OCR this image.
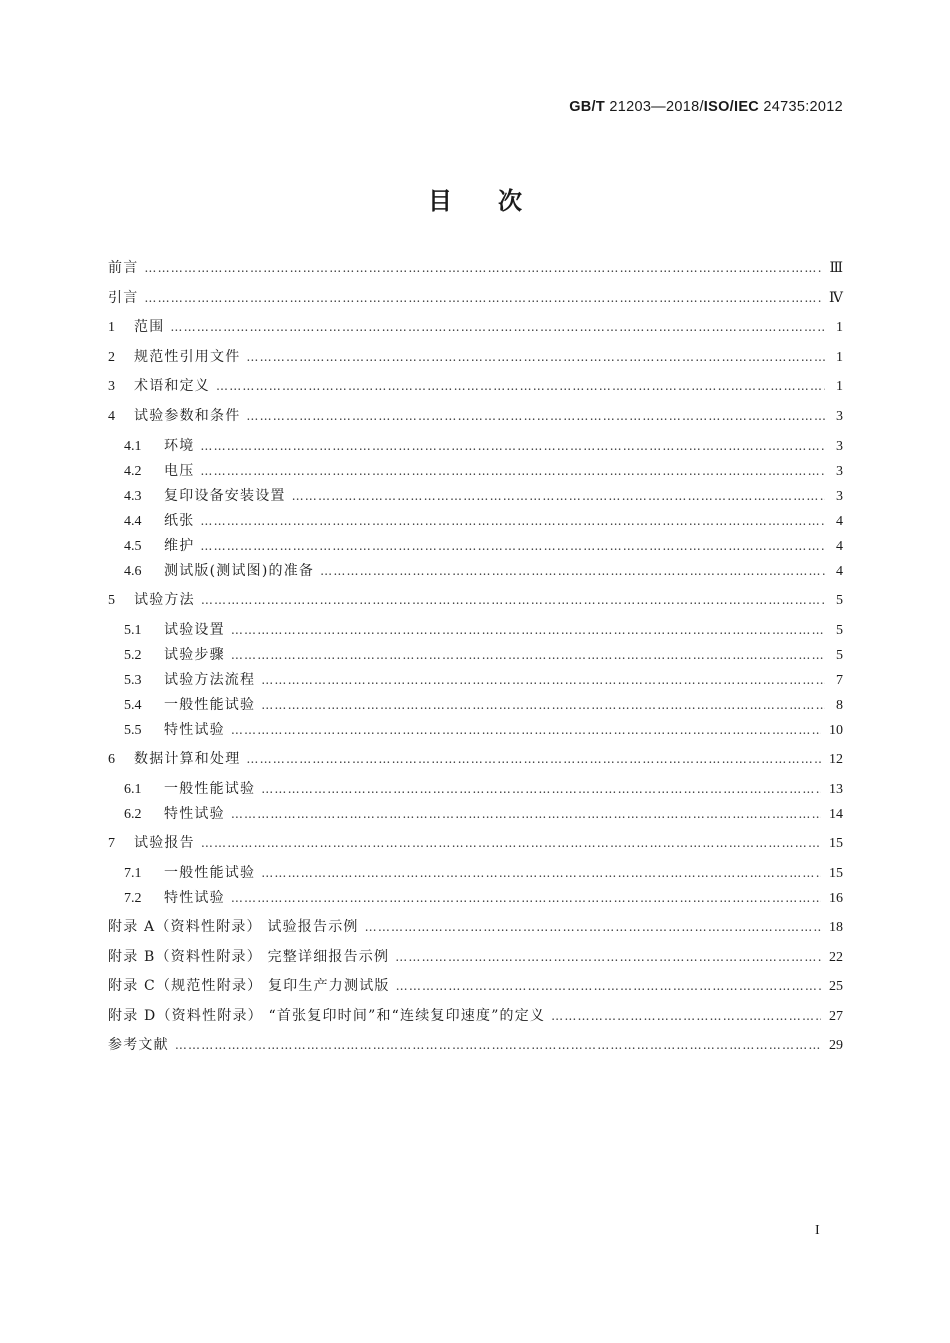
GB/T 21203—2018/ISO/IEC 24735:2012
目 次
前言 …………………………………………………………………………………………………………………………………………………………………………………………………………………………………………	Ⅲ
引言 …………………………………………………………………………………………………………………………………………………………………………………………………………………………………………	Ⅳ
1	范围 …………………………………………………………………………………………………………………………………………………………………………………………………………………………………………	1
2	规范性引用文件 …………………………………………………………………………………………………………………………………………………………………………………………………………………………………………	1
3	术语和定义 …………………………………………………………………………………………………………………………………………………………………………………………………………………………………………	1
4	试验参数和条件 …………………………………………………………………………………………………………………………………………………………………………………………………………………………………………	3
4.1	环境 …………………………………………………………………………………………………………………………………………………………………………………………………………………………………………	3
4.2	电压 …………………………………………………………………………………………………………………………………………………………………………………………………………………………………………	3
4.3	复印设备安装设置 …………………………………………………………………………………………………………………………………………………………………………………………………………………………………………	3
4.4	纸张 …………………………………………………………………………………………………………………………………………………………………………………………………………………………………………	4
4.5	维护 …………………………………………………………………………………………………………………………………………………………………………………………………………………………………………	4
4.6	测试版(测试图)的准备 …………………………………………………………………………………………………………………………………………………………………………………………………………………………………………	4
5	试验方法 …………………………………………………………………………………………………………………………………………………………………………………………………………………………………………	5
5.1	试验设置 …………………………………………………………………………………………………………………………………………………………………………………………………………………………………………	5
5.2	试验步骤 …………………………………………………………………………………………………………………………………………………………………………………………………………………………………………	5
5.3	试验方法流程 …………………………………………………………………………………………………………………………………………………………………………………………………………………………………………	7
5.4	一般性能试验 …………………………………………………………………………………………………………………………………………………………………………………………………………………………………………	8
5.5	特性试验 …………………………………………………………………………………………………………………………………………………………………………………………………………………………………………	10
6	数据计算和处理 …………………………………………………………………………………………………………………………………………………………………………………………………………………………………………	12
6.1	一般性能试验 …………………………………………………………………………………………………………………………………………………………………………………………………………………………………………	13
6.2	特性试验 …………………………………………………………………………………………………………………………………………………………………………………………………………………………………………	14
7	试验报告 …………………………………………………………………………………………………………………………………………………………………………………………………………………………………………	15
7.1	一般性能试验 …………………………………………………………………………………………………………………………………………………………………………………………………………………………………………	15
7.2	特性试验 …………………………………………………………………………………………………………………………………………………………………………………………………………………………………………	16
附录 A（资料性附录） 试验报告示例 …………………………………………………………………………………………………………………………………………………………………………………………………………………………………………	18
附录 B（资料性附录） 完整详细报告示例 …………………………………………………………………………………………………………………………………………………………………………………………………………………………………………	22
附录 C（规范性附录） 复印生产力测试版 …………………………………………………………………………………………………………………………………………………………………………………………………………………………………………	25
附录 D（资料性附录） “首张复印时间”和“连续复印速度”的定义 …………………………………………………………………………………………………………………………………………………………………………………………………………………………………………	27
参考文献 …………………………………………………………………………………………………………………………………………………………………………………………………………………………………………	29
I
